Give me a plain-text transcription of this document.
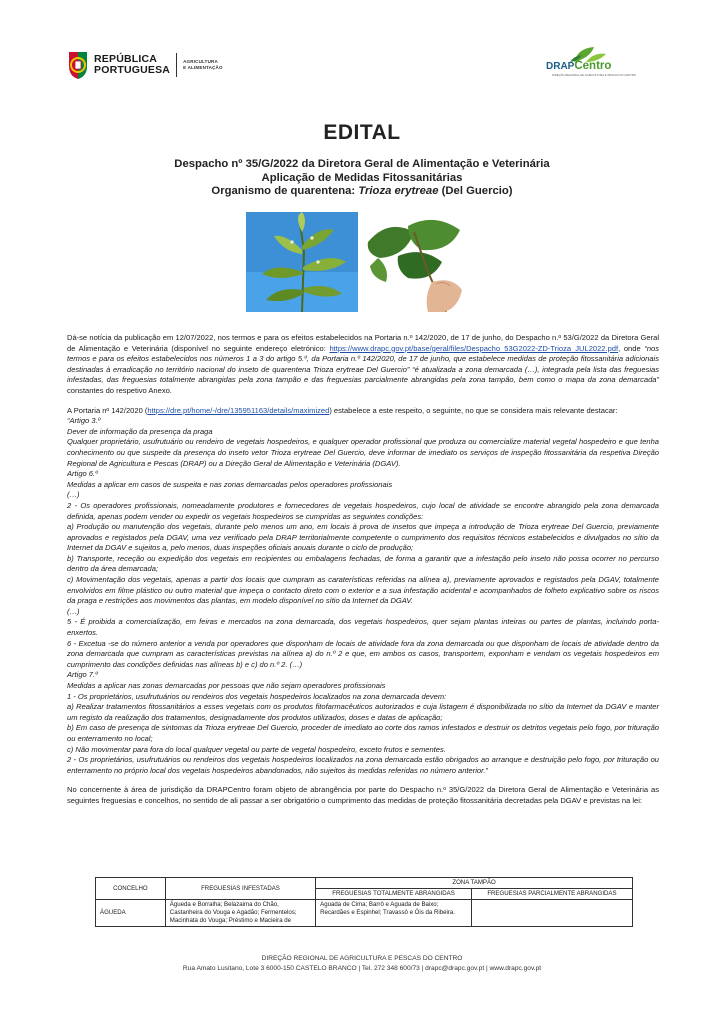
REPÚBLICA
PORTUGUESA
AGRICULTURA
E ALIMENTAÇÃO	DRAPCentro
DIREÇÃO REGIONAL DE AGRICULTURA E PESCAS DO CENTRO
EDITAL
Despacho nº 35/G/2022 da Diretora Geral de Alimentação e Veterinária
Aplicação de Medidas Fitossanitárias
Organismo de quarentena: Trioza erytreae (Del Guercio)

Dá-se notícia da publicação em 12/07/2022, nos termos e para os efeitos estabelecidos na Portaria n.º 142/2020, de 17 de junho, do Despacho n.º 53/G/2022 da Diretora Geral de Alimentação e Veterinária (disponível no seguinte endereço eletrónico: https://www.drapc.gov.pt/base/geral/files/Despacho_53G2022-ZD-Trioza_JUL2022.pdf, onde “nos termos e para os efeitos estabelecidos nos números 1 a 3 do artigo 5.º, da Portaria n.º 142/2020, de 17 de junho, que estabelece medidas de proteção fitossanitária adicionais destinadas à erradicação no território nacional do inseto de quarentena Trioza erytreae Del Guercio” “é atualizada a zona demarcada (…), integrada pela lista das freguesias infestadas, das freguesias totalmente abrangidas pela zona tampão e das freguesias parcialmente abrangidas pela zona tampão, bem como o mapa da zona demarcada” constantes do respetivo Anexo.

A Portaria nº 142/2020 (https://dre.pt/home/-/dre/135951163/details/maximized) estabelece a este respeito, o seguinte, no que se considera mais relevante destacar:

“Artigo 3.º

Dever de informação da presença da praga

Qualquer proprietário, usufrutuário ou rendeiro de vegetais hospedeiros, e qualquer operador profissional que produza ou comercialize material vegetal hospedeiro e que tenha conhecimento ou que suspeite da presença do inseto vetor Trioza erytreae Del Guercio, deve informar de imediato os serviços de inspeção fitossanitária da respetiva Direção Regional de Agricultura e Pescas (DRAP) ou a Direção Geral de Alimentação e Veterinária (DGAV).

Artigo 6.º

Medidas a aplicar em casos de suspeita e nas zonas demarcadas pelos operadores profissionais

(…)

2 - Os operadores profissionais, nomeadamente produtores e fornecedores de vegetais hospedeiros, cujo local de atividade se encontre abrangido pela zona demarcada definida, apenas podem vender ou expedir os vegetais hospedeiros se cumpridas as seguintes condições:

a) Produção ou manutenção dos vegetais, durante pelo menos um ano, em locais à prova de insetos que impeça a introdução de Trioza erytreae Del Guercio, previamente aprovados e registados pela DGAV, uma vez verificado pela DRAP territorialmente competente o cumprimento dos requisitos técnicos estabelecidos e divulgados no sítio da Internet da DGAV e sujeitos a, pelo menos, duas inspeções oficiais anuais durante o ciclo de produção;

b) Transporte, receção ou expedição dos vegetais em recipientes ou embalagens fechadas, de forma a garantir que a infestação pelo inseto não possa ocorrer no percurso dentro da área demarcada;

c) Movimentação dos vegetais, apenas a partir dos locais que cumpram as caraterísticas referidas na alínea a), previamente aprovados e registados pela DGAV, totalmente envolvidos em filme plástico ou outro material que impeça o contacto direto com o exterior e a sua infestação acidental e acompanhados de folheto explicativo sobre os riscos da praga e restrições aos movimentos das plantas, em modelo disponível no sítio da Internet da DGAV.

(…)

5 - É proibida a comercialização, em feiras e mercados na zona demarcada, dos vegetais hospedeiros, quer sejam plantas inteiras ou partes de plantas, incluindo porta-enxertos.

6 - Excetua -se do número anterior a venda por operadores que disponham de locais de atividade fora da zona demarcada ou que disponham de locais de atividade dentro da zona demarcada que cumpram as características previstas na alínea a) do n.º 2 e que, em ambos os casos, transportem, exponham e vendam os vegetais hospedeiros em cumprimento das condições definidas nas alíneas b) e c) do n.º 2. (…)

Artigo 7.º

Medidas a aplicar nas zonas demarcadas por pessoas que não sejam operadores profissionais

1 - Os proprietários, usufrutuários ou rendeiros dos vegetais hospedeiros localizados na zona demarcada devem:

a) Realizar tratamentos fitossanitários a esses vegetais com os produtos fitofarmacêuticos autorizados e cuja listagem é disponibilizada no sítio da Internet da DGAV e manter um registo da realização dos tratamentos, designadamente dos produtos utilizados, doses e datas de aplicação;

b) Em caso de presença de sintomas da Trioza erytreae Del Guercio, proceder de imediato ao corte dos ramos infestados e destruir os detritos vegetais pelo fogo, por trituração ou enterramento no local;

c) Não movimentar para fora do local qualquer vegetal ou parte de vegetal hospedeiro, exceto frutos e sementes.

2 - Os proprietários, usufrutuários ou rendeiros dos vegetais hospedeiros localizados na zona demarcada estão obrigados ao arranque e destruição pelo fogo, por trituração ou enterramento no próprio local dos vegetais hospedeiros abandonados, não sujeitos às medidas referidas no número anterior.”

No concernente à área de jurisdição da DRAPCentro foram objeto de abrangência por parte do Despacho n.º 35/G/2022 da Diretora Geral de Alimentação e Veterinária as seguintes freguesias e concelhos, no sentido de ali passar a ser obrigatório o cumprimento das medidas de proteção fitossanitária decretadas pela DGAV e previstas na lei:

CONCELHO	FREGUESIAS INFESTADAS	ZONA TAMPÃO	
		FREGUESIAS TOTALMENTE ABRANGIDAS	FREGUESIAS PARCIALMENTE ABRANGIDAS
ÁGUEDA	Águeda e Borralha; Belazaima do Chão, Castanheira do Vouga e Agadão; Fermentelos; Macinhata do Vouga; Préstimo e Macieira de	Aguada de Cima; Barrô e Aguada de Baixo; Recardães e Espinhel; Travassô e Óis da Ribeira.	
DIREÇÃO REGIONAL DE AGRICULTURA E PESCAS DO CENTRO
Rua Amato Lusitano, Lote 3 6000-150 CASTELO BRANCO | Tel. 272 348 600/73 | drapc@drapc.gov.pt | www.drapc.gov.pt
